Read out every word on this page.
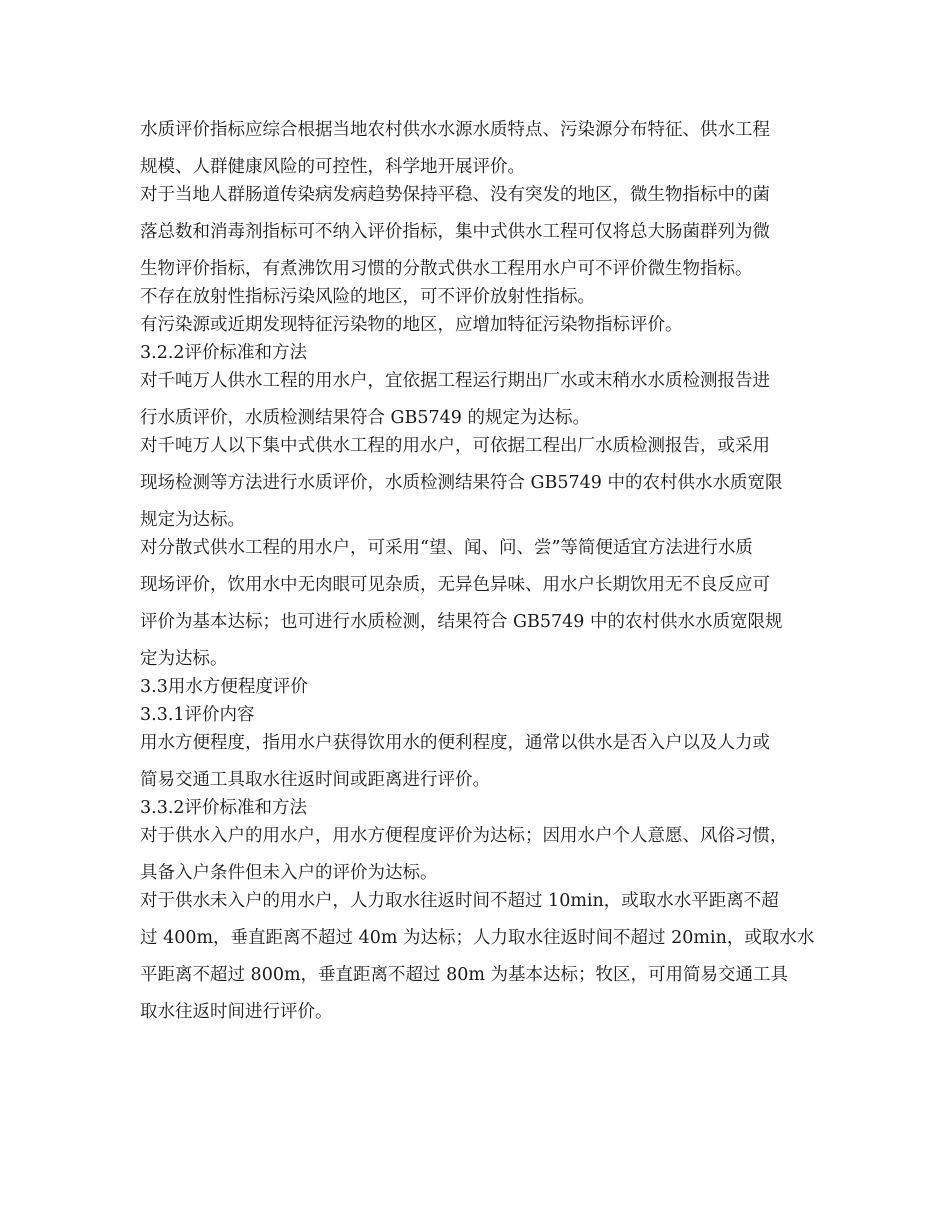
水质评价指标应综合根据当地农村供水水源水质特点、污染源分布特征、供水工程
规模、人群健康风险的可控性，科学地开展评价。
对于当地人群肠道传染病发病趋势保持平稳、没有突发的地区，微生物指标中的菌
落总数和消毒剂指标可不纳入评价指标，集中式供水工程可仅将总大肠菌群列为微
生物评价指标，有煮沸饮用习惯的分散式供水工程用水户可不评价微生物指标。
不存在放射性指标污染风险的地区，可不评价放射性指标。
有污染源或近期发现特征污染物的地区，应增加特征污染物指标评价。
3.2.2评价标准和方法
对千吨万人供水工程的用水户，宜依据工程运行期出厂水或末稍水水质检测报告进
行水质评价，水质检测结果符合 GB5749 的规定为达标。
对千吨万人以下集中式供水工程的用水户，可依据工程出厂水质检测报告，或采用
现场检测等方法进行水质评价，水质检测结果符合 GB5749 中的农村供水水质宽限
规定为达标。
对分散式供水工程的用水户，可采用“望、闻、问、尝”等简便适宜方法进行水质
现场评价，饮用水中无肉眼可见杂质，无异色异味、用水户长期饮用无不良反应可
评价为基本达标；也可进行水质检测，结果符合 GB5749 中的农村供水水质宽限规
定为达标。
3.3用水方便程度评价
3.3.1评价内容
用水方便程度，指用水户获得饮用水的便利程度，通常以供水是否入户以及人力或
简易交通工具取水往返时间或距离进行评价。
3.3.2评价标准和方法
对于供水入户的用水户，用水方便程度评价为达标；因用水户个人意愿、风俗习惯，
具备入户条件但未入户的评价为达标。
对于供水未入户的用水户，人力取水往返时间不超过 10min，或取水水平距离不超
过 400m，垂直距离不超过 40m 为达标；人力取水往返时间不超过 20min，或取水水
平距离不超过 800m，垂直距离不超过 80m 为基本达标；牧区，可用简易交通工具
取水往返时间进行评价。
